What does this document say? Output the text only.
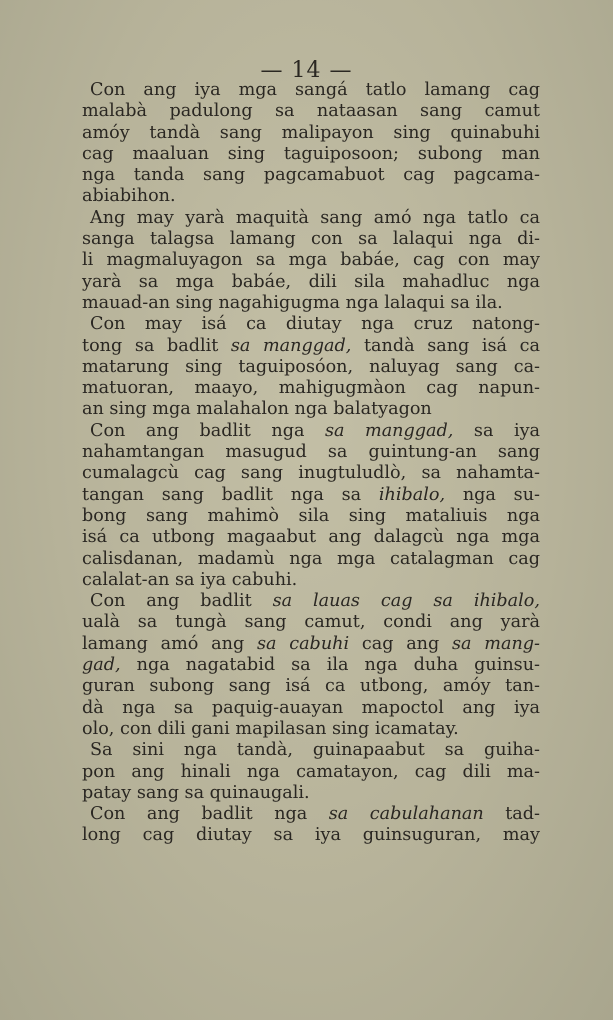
— 14 —
Con ang iya mga sangá tatlo lamang cag
malabà padulong sa nataasan sang camut
amóy tandà sang malipayon sing quinabuhi
cag maaluan sing taguiposoon; subong man
nga tanda sang pagcamabuot cag pagcama-
abiabihon.
Ang may yarà maquità sang amó nga tatlo ca
sanga talagsa lamang con sa lalaqui nga di-
li magmaluyagon sa mga babáe, cag con may
yarà sa mga babáe, dili sila mahadluc nga
mauad-an sing nagahigugma nga lalaqui sa ila.
Con may isá ca diutay nga cruz natong-
tong sa badlit sa manggad, tandà sang isá ca
matarung sing taguiposóon, naluyag sang ca-
matuoran, maayo, mahigugmàon cag napun-
an sing mga malahalon nga balatyagon
Con ang badlit nga sa manggad, sa iya
nahamtangan masugud sa guintung-an sang
cumalagcù cag sang inugtuludlò, sa nahamta-
tangan sang badlit nga sa ihibalo, nga su-
bong sang mahimò sila sing mataliuis nga
isá ca utbong magaabut ang dalagcù nga mga
calisdanan, madamù nga mga catalagman cag
calalat-an sa iya cabuhi.
Con ang badlit sa lauas cag sa ihibalo,
ualà sa tungà sang camut, condi ang yarà
lamang amó ang sa cabuhi cag ang sa mang-
gad, nga nagatabid sa ila nga duha guinsu-
guran subong sang isá ca utbong, amóy tan-
dà nga sa paquig-auayan mapoctol ang iya
olo, con dili gani mapilasan sing icamatay.
Sa sini nga tandà, guinapaabut sa guiha-
pon ang hinali nga camatayon, cag dili ma-
patay sang sa quinaugali.
Con ang badlit nga sa cabulahanan tad-
long cag diutay sa iya guinsuguran, may
